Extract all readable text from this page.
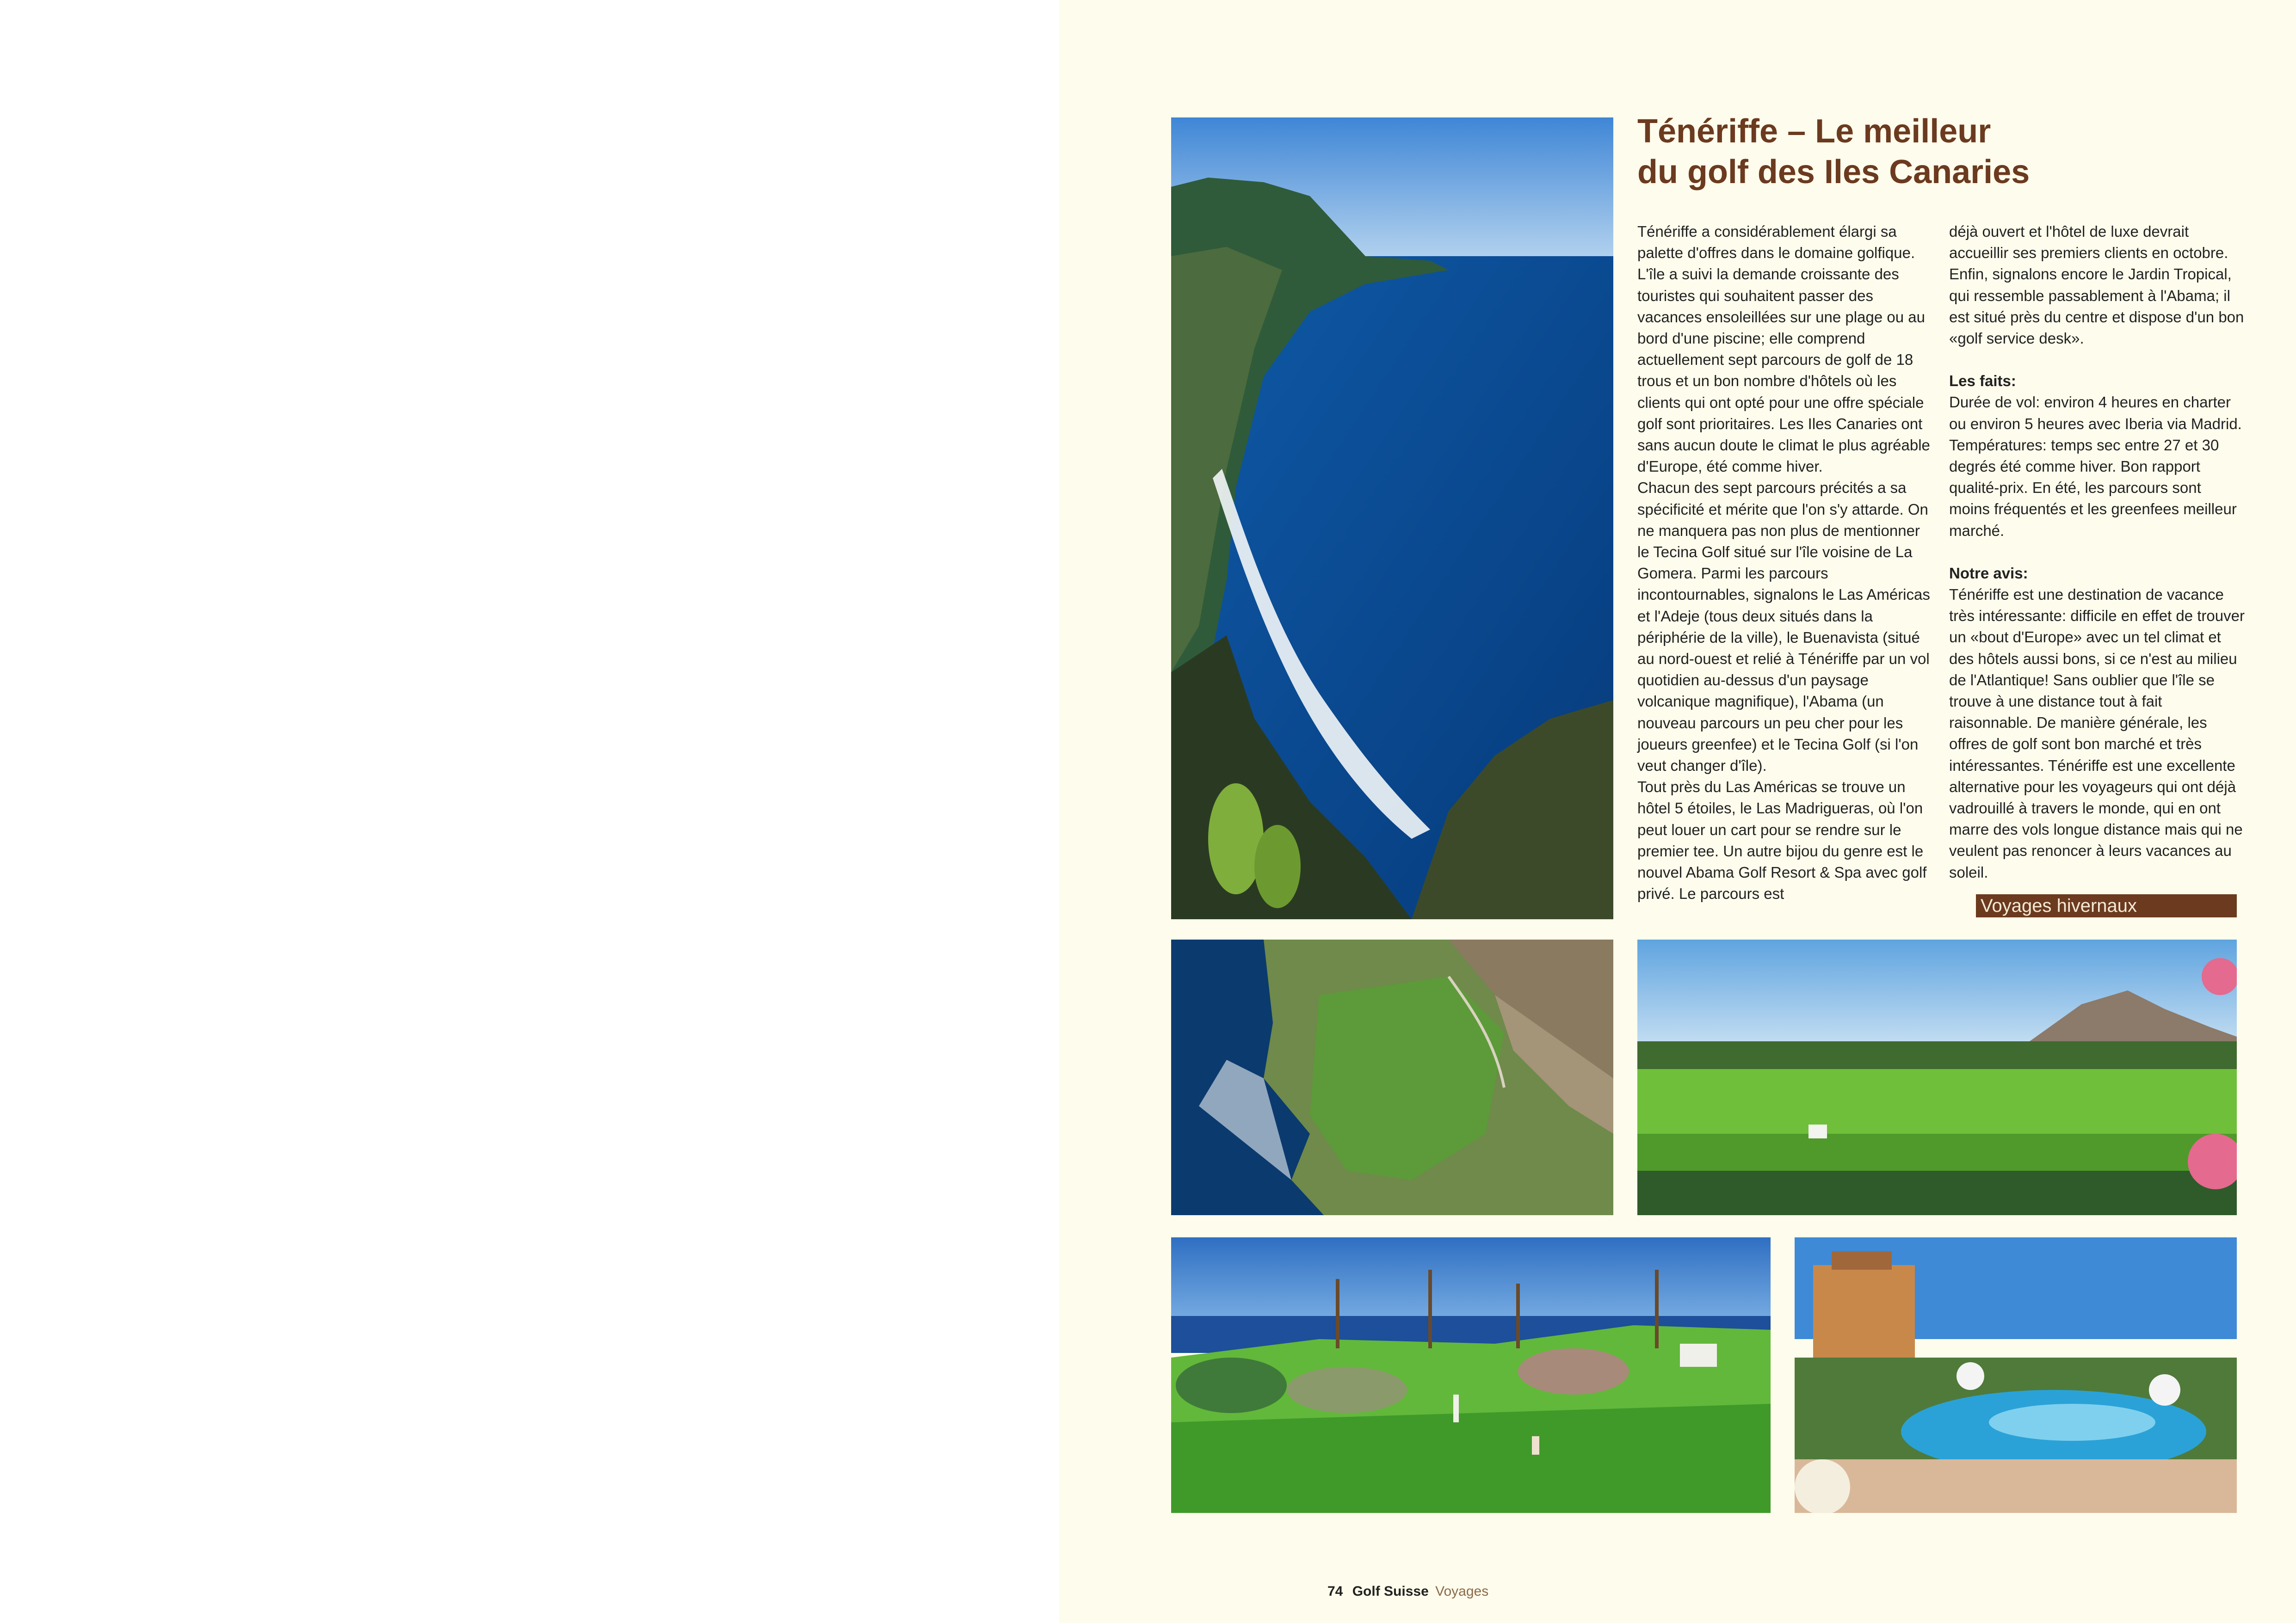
Ténériffe – Le meilleur
du golf des Iles Canaries

Ténériffe a considérablement élargi sa palette d'offres dans le domaine golfique. L'île a suivi la demande croissante des touristes qui souhaitent passer des vacances ensoleillées sur une plage ou au bord d'une piscine; elle comprend actuellement sept parcours de golf de 18 trous et un bon nombre d'hôtels où les clients qui ont opté pour une offre spéciale golf sont prioritaires. Les Iles Canaries ont sans aucun doute le climat le plus agréable d'Europe, été comme hiver.

Chacun des sept parcours précités a sa spécificité et mérite que l'on s'y attarde. On ne manquera pas non plus de mentionner le Tecina Golf situé sur l'île voisine de La Gomera. Parmi les parcours incontournables, signalons le Las Américas et l'Adeje (tous deux situés dans la périphérie de la ville), le Buenavista (situé au nord-ouest et relié à Ténériffe par un vol quotidien au-dessus d'un paysage volcanique magnifique), l'Abama (un nouveau parcours un peu cher pour les joueurs greenfee) et le Tecina Golf (si l'on veut changer d'île).

Tout près du Las Américas se trouve un hôtel 5 étoiles, le Las Madrigueras, où l'on peut louer un cart pour se rendre sur le premier tee. Un autre bijou du genre est le nouvel Abama Golf Resort & Spa avec golf privé. Le parcours est

déjà ouvert et l'hôtel de luxe devrait accueillir ses premiers clients en octobre. Enfin, signalons encore le Jardin Tropical, qui ressemble passablement à l'Abama; il est situé près du centre et dispose d'un bon «golf service desk».

Les faits:

Durée de vol: environ 4 heures en charter ou environ 5 heures avec Iberia via Madrid. Températures: temps sec entre 27 et 30 degrés été comme hiver. Bon rapport qualité-prix. En été, les parcours sont moins fréquentés et les greenfees meilleur marché.

Notre avis:

Ténériffe est une destination de vacance très intéressante: difficile en effet de trouver un «bout d'Europe» avec un tel climat et des hôtels aussi bons, si ce n'est au milieu de l'Atlantique! Sans oublier que l'île se trouve à une distance tout à fait raisonnable. De manière générale, les offres de golf sont bon marché et très intéressantes. Ténériffe est une excellente alternative pour les voyageurs qui ont déjà vadrouillé à travers le monde, qui en ont marre des vols longue distance mais qui ne veulent pas renoncer à leurs vacances au soleil.

Voyages hivernaux
74 Golf Suisse Voyages
